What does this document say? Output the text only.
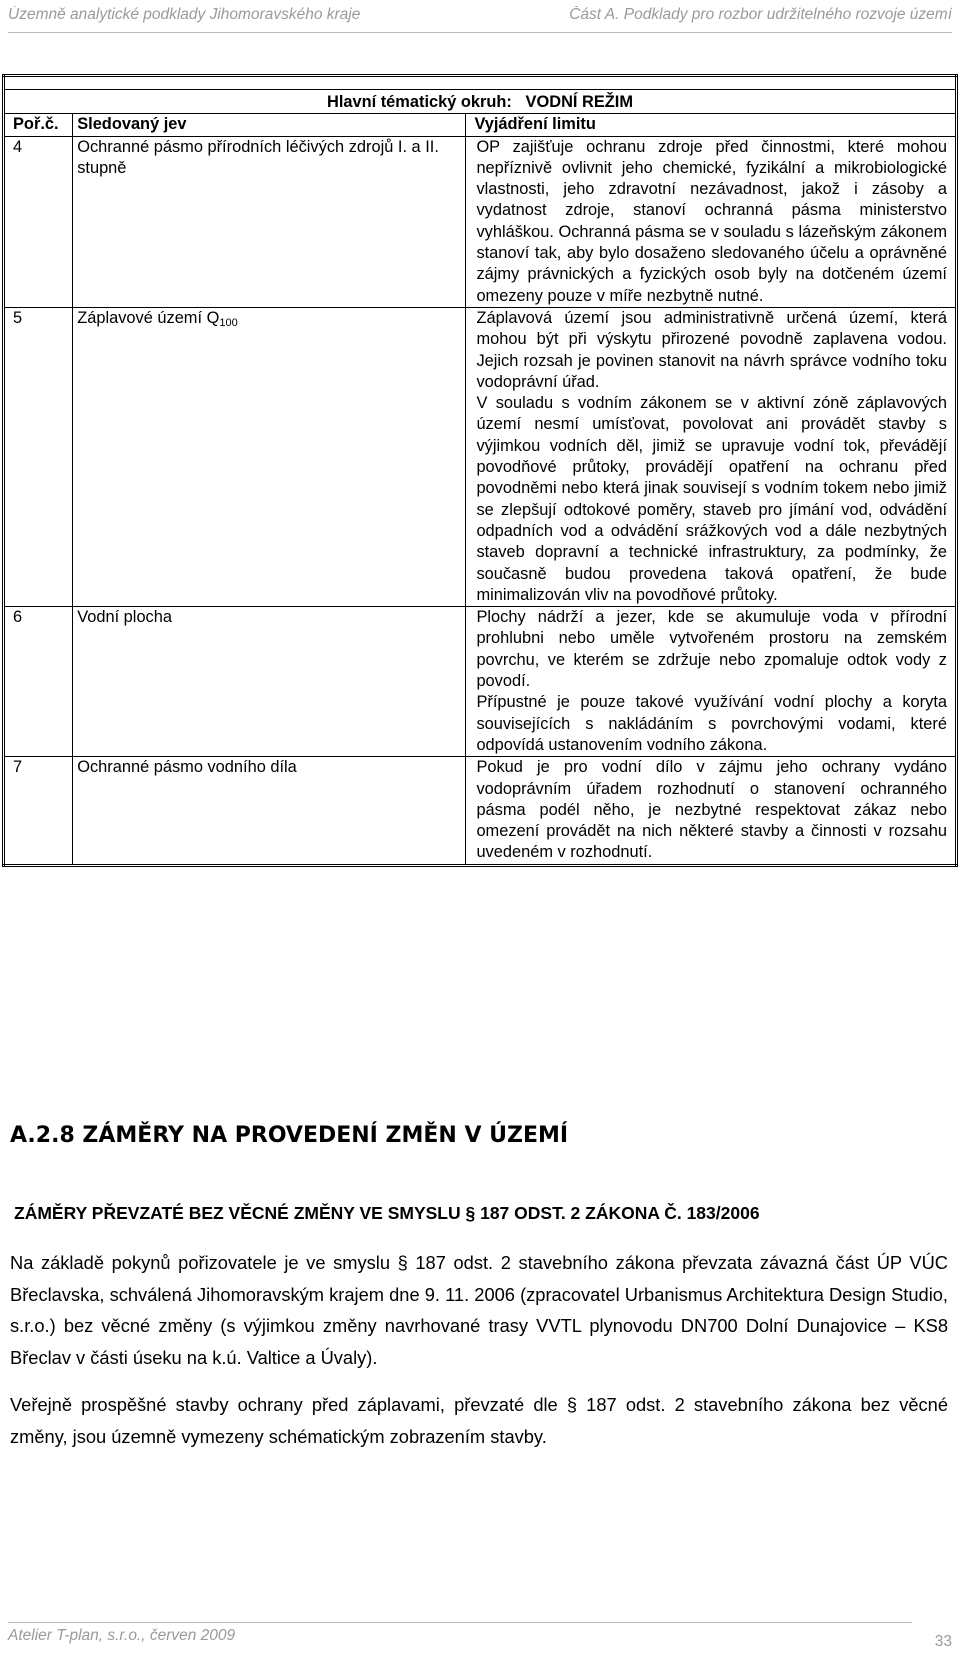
Územně analytické podklady Jihomoravského kraje	Část A. Podklady pro rozbor udržitelného rozvoje území

Hlavní tématický okruh:   VODNÍ REŽIM		
Poř.č.	Sledovaný jev	Vyjádření limitu
4	Ochranné pásmo přírodních léčivých zdrojů I. a II. stupně	OP zajišťuje ochranu zdroje před činnostmi, které mohou nepříznivě ovlivnit jeho chemické, fyzikální a mikrobiologické vlastnosti, jeho zdravotní nezávadnost, jakož i zásoby a vydatnost zdroje, stanoví ochranná pásma ministerstvo vyhláškou. Ochranná pásma se v souladu s lázeňským zákonem stanoví tak, aby bylo dosaženo sledovaného účelu a oprávněné zájmy právnických a fyzických osob byly na dotčeném území omezeny pouze v míře nezbytně nutné.

5	Záplavové území Q100	Záplavová území jsou administrativně určená území, která mohou být při výskytu přirozené povodně zaplavena vodou. Jejich rozsah je povinen stanovit na návrh správce vodního toku vodoprávní úřad.

V souladu s vodním zákonem se v aktivní zóně záplavových území nesmí umísťovat, povolovat ani provádět stavby s výjimkou vodních děl, jimiž se upravuje vodní tok, převádějí povodňové průtoky, provádějí opatření na ochranu před povodněmi nebo která jinak souvisejí s vodním tokem nebo jimiž se zlepšují odtokové poměry, staveb pro jímání vod, odvádění odpadních vod a odvádění srážkových vod a dále nezbytných staveb dopravní a technické infrastruktury, za podmínky, že současně budou provedena taková opatření, že bude minimalizován vliv na povodňové průtoky.

6	Vodní plocha	Plochy nádrží a jezer, kde se akumuluje voda v přírodní prohlubni nebo uměle vytvořeném prostoru na zemském povrchu, ve kterém se zdržuje nebo zpomaluje odtok vody z povodí.

Přípustné je pouze takové využívání vodní plochy a koryta souvisejících s nakládáním s povrchovými vodami, které odpovídá ustanovením vodního zákona.

7	Ochranné pásmo vodního díla	Pokud je pro vodní dílo v zájmu jeho ochrany vydáno vodoprávním úřadem rozhodnutí o stanovení ochranného pásma podél něho, je nezbytné respektovat zákaz nebo omezení provádět na nich některé stavby a činnosti v rozsahu uvedeném v rozhodnutí.

A.2.8 ZÁMĚRY NA PROVEDENÍ ZMĚN V ÚZEMÍ
ZÁMĚRY PŘEVZATÉ BEZ VĚCNÉ ZMĚNY VE SMYSLU § 187 ODST. 2 ZÁKONA Č. 183/2006

Na základě pokynů pořizovatele je ve smyslu § 187 odst. 2 stavebního zákona převzata závazná část ÚP VÚC Břeclavska, schválená Jihomoravským krajem dne 9. 11. 2006 (zpracovatel Urbanismus Architektura Design Studio, s.r.o.) bez věcné změny (s výjimkou změny navrhované trasy VVTL plynovodu DN700 Dolní Dunajovice – KS8 Břeclav v části úseku na k.ú. Valtice a Úvaly).

Veřejně prospěšné stavby ochrany před záplavami, převzaté dle § 187 odst. 2 stavebního zákona bez věcné změny, jsou územně vymezeny schématickým zobrazením stavby.

Atelier T-plan, s.r.o., červen 2009	33
